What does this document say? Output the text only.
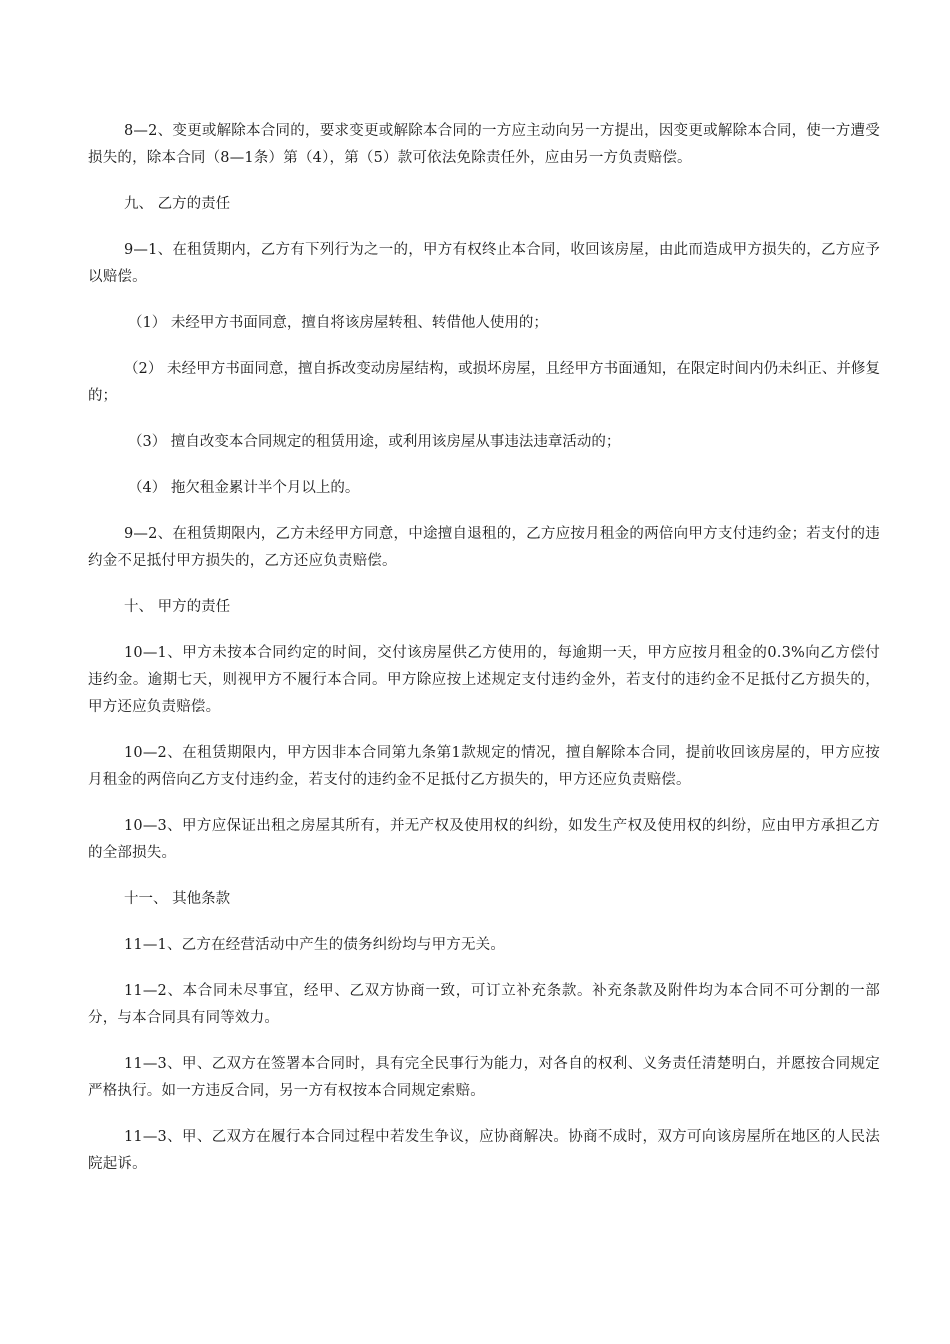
8—2、变更或解除本合同的，要求变更或解除本合同的一方应主动向另一方提出，因变更或解除本合同，使一方遭受损失的，除本合同（8—1条）第（4），第（5）款可依法免除责任外，应由另一方负责赔偿。

九、 乙方的责任

9—1、在租赁期内，乙方有下列行为之一的，甲方有权终止本合同，收回该房屋，由此而造成甲方损失的，乙方应予以赔偿。

（1） 未经甲方书面同意，擅自将该房屋转租、转借他人使用的；

（2） 未经甲方书面同意，擅自拆改变动房屋结构，或损坏房屋，且经甲方书面通知，在限定时间内仍未纠正、并修复的；

（3） 擅自改变本合同规定的租赁用途，或利用该房屋从事违法违章活动的；

（4） 拖欠租金累计半个月以上的。

9—2、在租赁期限内，乙方未经甲方同意，中途擅自退租的，乙方应按月租金的两倍向甲方支付违约金；若支付的违约金不足抵付甲方损失的，乙方还应负责赔偿。

十、 甲方的责任

10—1、甲方未按本合同约定的时间，交付该房屋供乙方使用的，每逾期一天，甲方应按月租金的0.3%向乙方偿付违约金。逾期七天，则视甲方不履行本合同。甲方除应按上述规定支付违约金外，若支付的违约金不足抵付乙方损失的，甲方还应负责赔偿。

10—2、在租赁期限内，甲方因非本合同第九条第1款规定的情况，擅自解除本合同，提前收回该房屋的，甲方应按月租金的两倍向乙方支付违约金，若支付的违约金不足抵付乙方损失的，甲方还应负责赔偿。

10—3、甲方应保证出租之房屋其所有，并无产权及使用权的纠纷，如发生产权及使用权的纠纷，应由甲方承担乙方的全部损失。

十一、 其他条款

11—1、乙方在经营活动中产生的债务纠纷均与甲方无关。

11—2、本合同未尽事宜，经甲、乙双方协商一致，可订立补充条款。补充条款及附件均为本合同不可分割的一部分，与本合同具有同等效力。

11—3、甲、乙双方在签署本合同时，具有完全民事行为能力，对各自的权利、义务责任清楚明白，并愿按合同规定严格执行。如一方违反合同，另一方有权按本合同规定索赔。

11—3、甲、乙双方在履行本合同过程中若发生争议，应协商解决。协商不成时，双方可向该房屋所在地区的人民法院起诉。
